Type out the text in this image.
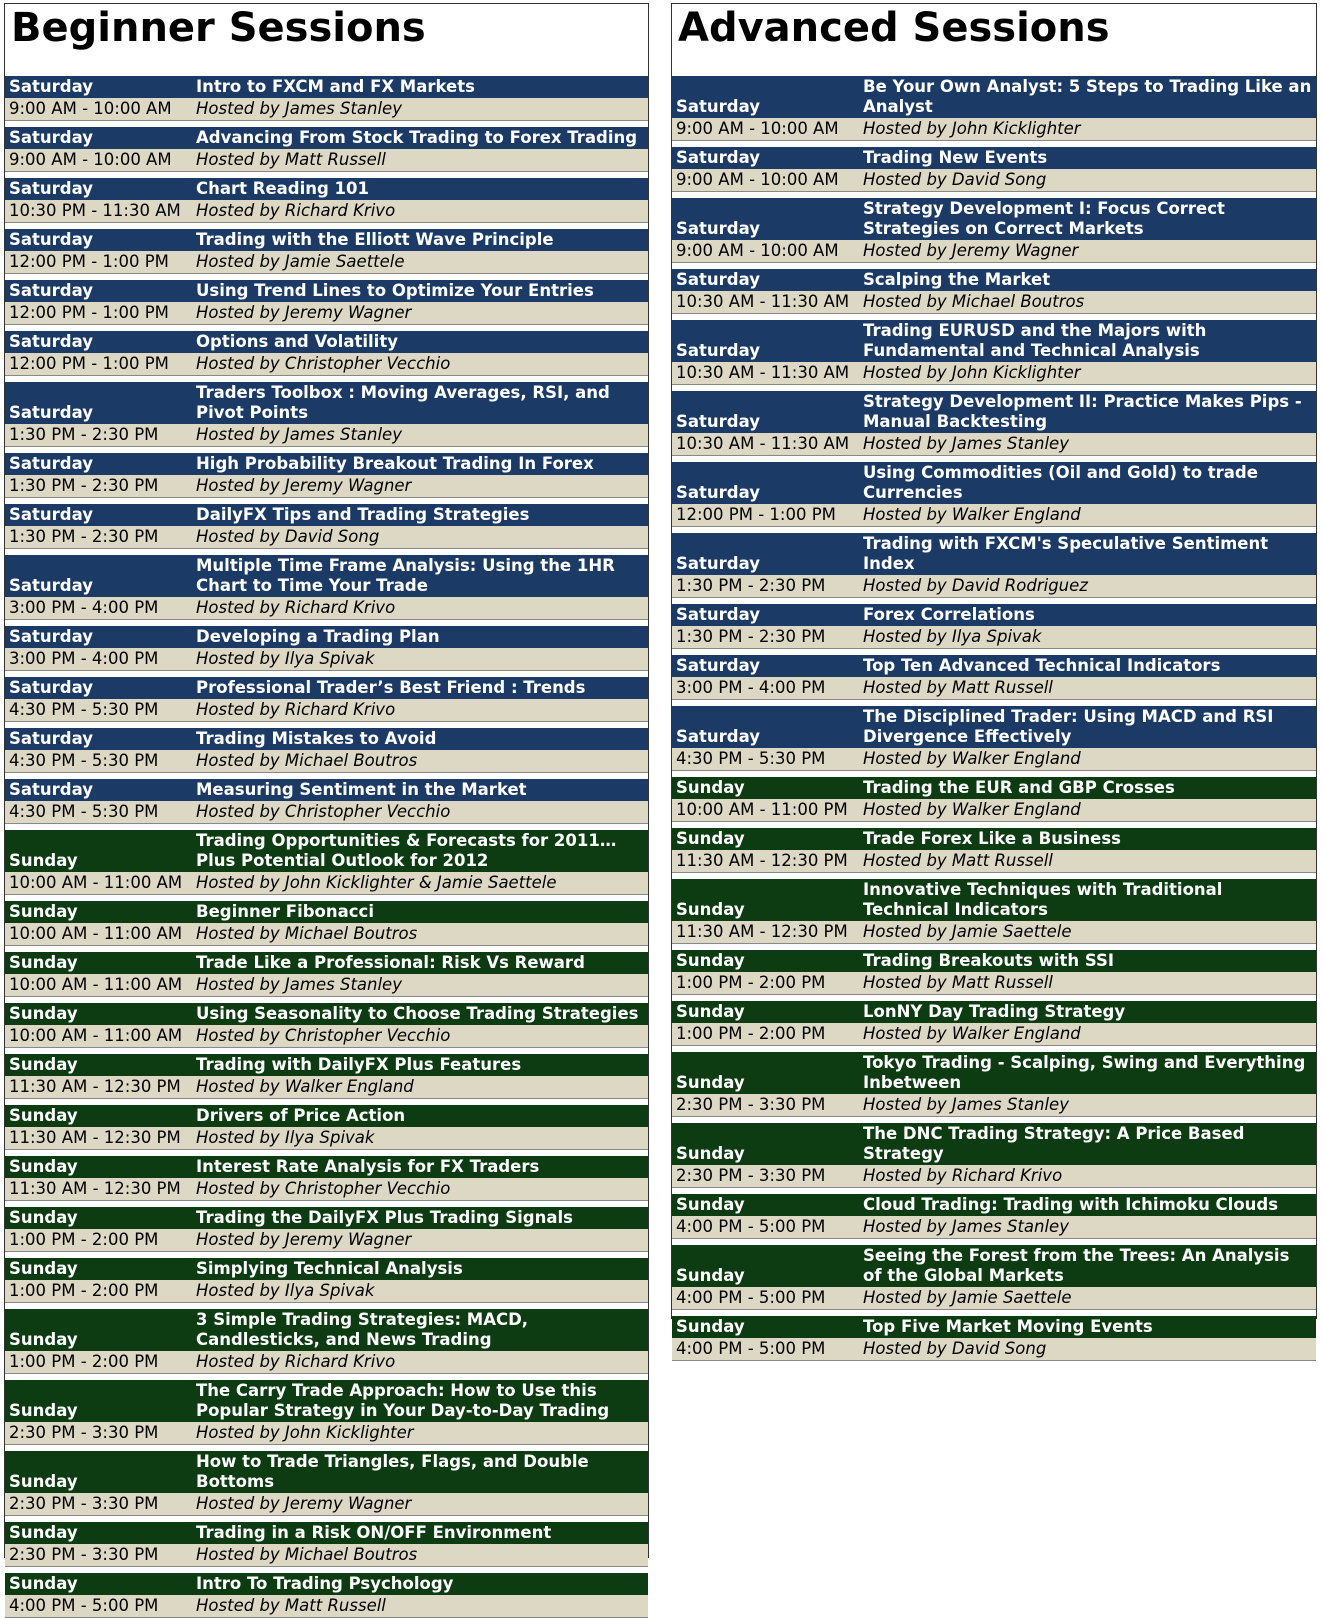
Beginner Sessions
Saturday	Intro to FXCM and FX Markets
9:00 AM - 10:00 AM	Hosted by James Stanley
Saturday	Advancing From Stock Trading to Forex Trading
9:00 AM - 10:00 AM	Hosted by Matt Russell
Saturday	Chart Reading 101
10:30 PM - 11:30 AM Hosted by Richard Krivo
Saturday	Trading with the Elliott Wave Principle
12:00 PM - 1:00 PM	Hosted by Jamie Saettele
Saturday	Using Trend Lines to Optimize Your Entries
12:00 PM - 1:00 PM	Hosted by Jeremy Wagner
Saturday	Options and Volatility
12:00 PM - 1:00 PM	Hosted by Christopher Vecchio
Saturday
Traders Toolbox : Moving Averages, RSI, and Pivot Points
1:30 PM - 2:30 PM	Hosted by James Stanley
Saturday	High Probability Breakout Trading In Forex
1:30 PM - 2:30 PM	Hosted by Jeremy Wagner
Saturday	DailyFX Tips and Trading Strategies
1:30 PM - 2:30 PM	Hosted by David Song
Saturday
Multiple Time Frame Analysis: Using the 1HR Chart to Time Your Trade
3:00 PM - 4:00 PM	Hosted by Richard Krivo
Saturday	Developing a Trading Plan
3:00 PM - 4:00 PM	Hosted by Ilya Spivak
Saturday	Professional Trader’s Best Friend : Trends
4:30 PM - 5:30 PM	Hosted by Richard Krivo
Saturday	Trading Mistakes to Avoid
4:30 PM - 5:30 PM	Hosted by Michael Boutros
Saturday	Measuring Sentiment in the Market
4:30 PM - 5:30 PM	Hosted by Christopher Vecchio
Sunday
Trading Opportunities & Forecasts for 2011…Plus Potential Outlook for 2012
10:00 AM - 11:00 AM Hosted by John Kicklighter & Jamie Saettele
Sunday	Beginner Fibonacci
10:00 AM - 11:00 AM Hosted by Michael Boutros
Sunday	Trade Like a Professional: Risk Vs Reward
10:00 AM - 11:00 AM Hosted by James Stanley
Sunday	Using Seasonality to Choose Trading Strategies
10:00 AM - 11:00 AM Hosted by Christopher Vecchio
Sunday	Trading with DailyFX Plus Features
11:30 AM - 12:30 PM Hosted by Walker England
Sunday	Drivers of Price Action
11:30 AM - 12:30 PM Hosted by Ilya Spivak
Sunday	Interest Rate Analysis for FX Traders
11:30 AM - 12:30 PM Hosted by Christopher Vecchio
Sunday	Trading the DailyFX Plus Trading Signals
1:00 PM - 2:00 PM	Hosted by Jeremy Wagner
Sunday	Simplying Technical Analysis
1:00 PM - 2:00 PM	Hosted by Ilya Spivak
Sunday
3 Simple Trading Strategies: MACD, Candlesticks, and News Trading
1:00 PM - 2:00 PM	Hosted by Richard Krivo
Sunday
The Carry Trade Approach: How to Use this Popular Strategy in Your Day-to-Day Trading
2:30 PM - 3:30 PM	Hosted by John Kicklighter
Sunday
How to Trade Triangles, Flags, and Double Bottoms
2:30 PM - 3:30 PM	Hosted by Jeremy Wagner
Sunday	Trading in a Risk ON/OFF Environment
2:30 PM - 3:30 PM	Hosted by Michael Boutros
Sunday	Intro To Trading Psychology
4:00 PM - 5:00 PM	Hosted by Matt Russell
Advanced Sessions
Saturday
Be Your Own Analyst: 5 Steps to Trading Like an Analyst
9:00 AM - 10:00 AM	Hosted by John Kicklighter
Saturday	Trading New Events
9:00 AM - 10:00 AM	Hosted by David Song
Saturday
Strategy Development I: Focus Correct Strategies on Correct Markets
9:00 AM - 10:00 AM	Hosted by Jeremy Wagner
Saturday	Scalping the Market
10:30 AM - 11:30 AM Hosted by Michael Boutros
Saturday
Trading EURUSD and the Majors with Fundamental and Technical Analysis
10:30 AM - 11:30 AM Hosted by John Kicklighter
Saturday
Strategy Development II: Practice Makes Pips - Manual Backtesting
10:30 AM - 11:30 AM Hosted by James Stanley
Saturday
Using Commodities (Oil and Gold) to trade Currencies
12:00 PM - 1:00 PM	Hosted by Walker England
Saturday
Trading with FXCM's Speculative Sentiment Index
1:30 PM - 2:30 PM	Hosted by David Rodriguez
Saturday	Forex Correlations
1:30 PM - 2:30 PM	Hosted by Ilya Spivak
Saturday	Top Ten Advanced Technical Indicators
3:00 PM - 4:00 PM	Hosted by Matt Russell
Saturday
The Disciplined Trader: Using MACD and RSI Divergence Effectively
4:30 PM - 5:30 PM	Hosted by Walker England
Sunday	Trading the EUR and GBP Crosses
10:00 AM - 11:00 PM Hosted by Walker England
Sunday	Trade Forex Like a Business
11:30 AM - 12:30 PM Hosted by Matt Russell
Sunday
Innovative Techniques with Traditional Technical Indicators
11:30 AM - 12:30 PM Hosted by Jamie Saettele
Sunday	Trading Breakouts with SSI
1:00 PM - 2:00 PM	Hosted by Matt Russell
Sunday	LonNY Day Trading Strategy
1:00 PM - 2:00 PM	Hosted by Walker England
Sunday
Tokyo Trading - Scalping, Swing and Everything Inbetween
2:30 PM - 3:30 PM	Hosted by James Stanley
Sunday
The DNC Trading Strategy: A Price Based Strategy
2:30 PM - 3:30 PM	Hosted by Richard Krivo
Sunday	Cloud Trading: Trading with Ichimoku Clouds
4:00 PM - 5:00 PM	Hosted by James Stanley
Sunday
Seeing the Forest from the Trees: An Analysis of the Global Markets
4:00 PM - 5:00 PM	Hosted by Jamie Saettele
Sunday	Top Five Market Moving Events
4:00 PM - 5:00 PM	Hosted by David Song
